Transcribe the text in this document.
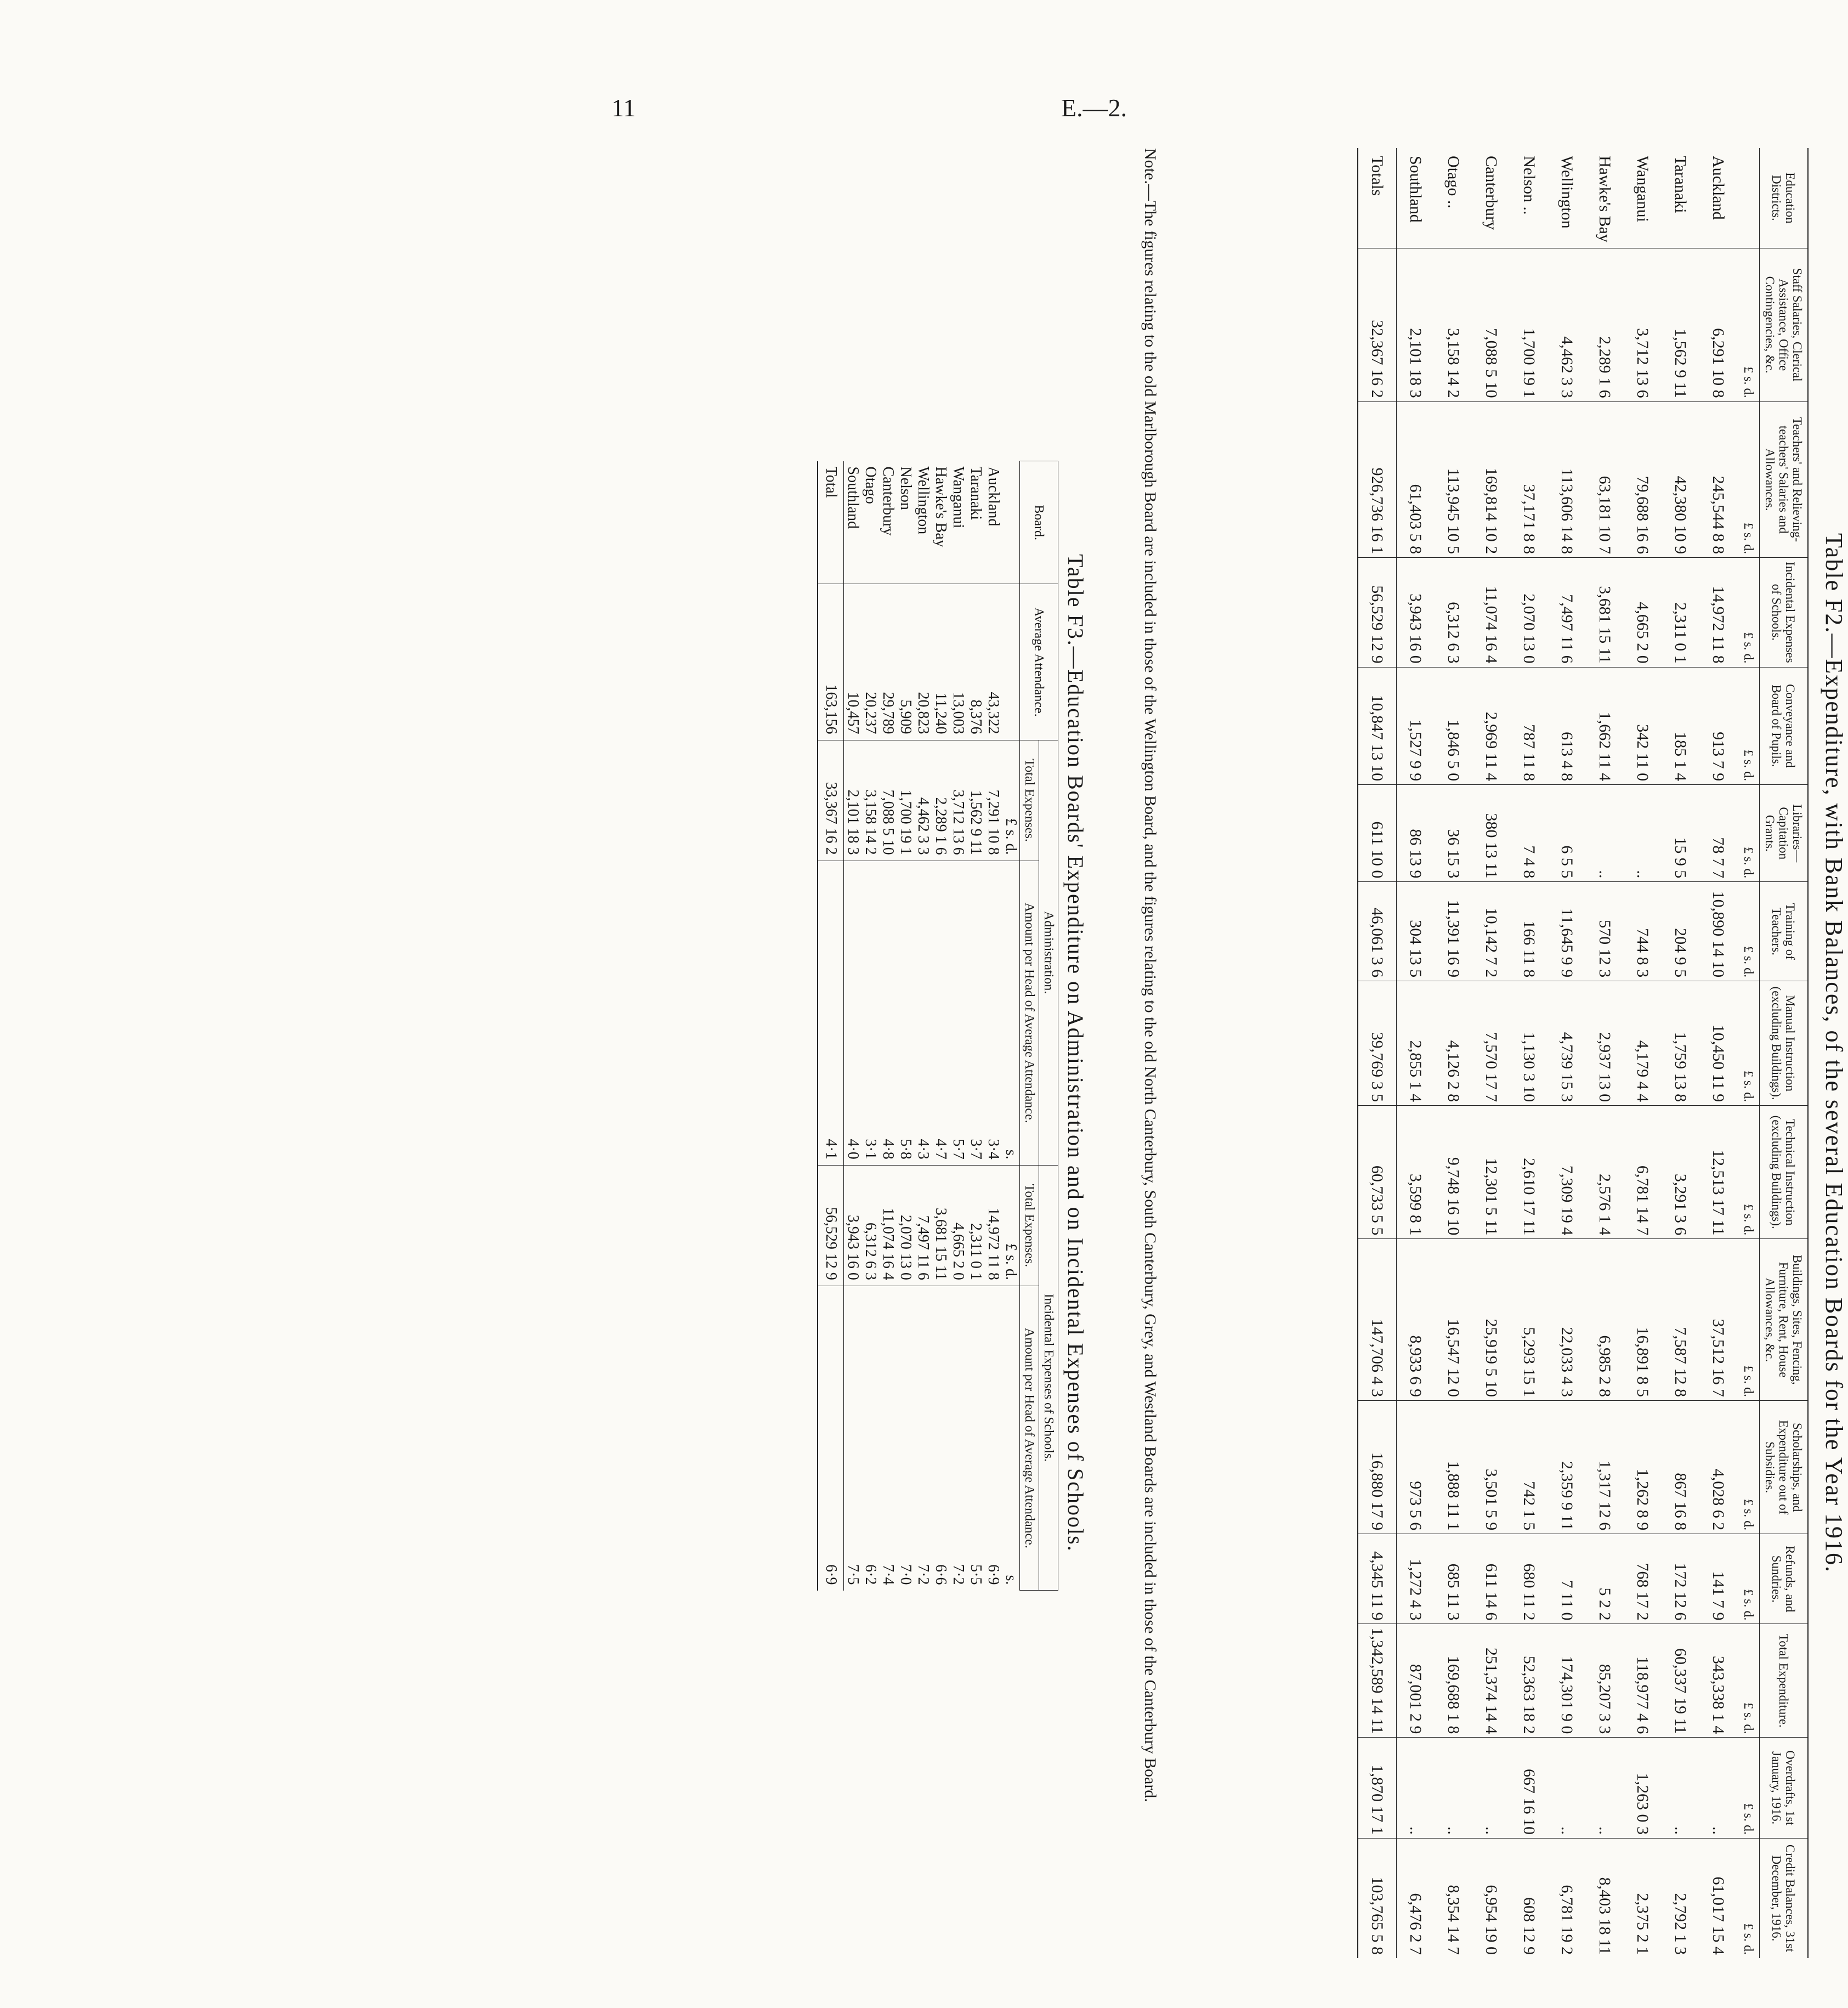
11	E.—2.
Table F2.—Expenditure, with Bank Balances, of the several Education Boards for the Year 1916.
Education Districts.	Staff Salaries, Clerical Assistance, Office Contingencies, &c.	Teachers' and Relieving-teachers' Salaries and Allowances.	Incidental Expenses of Schools.	Conveyance and Board of Pupils.	Libraries—Capitation Grants.	Training of Teachers.	Manual Instruction (excluding Buildings).	Technical Instruction (excluding Buildings).	Buildings, Sites, Fencing, Furniture, Rent, House Allowances, &c.	Scholarships, and Expenditure out of Subsidies.	Refunds, and Sundries.	Total Expenditure.	Overdrafts, 1st January, 1916.	Credit Balances, 31st December, 1916.
	£ s. d.	£ s. d.	£ s. d.	£ s. d.	£ s. d.	£ s. d.	£ s. d.	£ s. d.	£ s. d.	£ s. d.	£ s. d.	£ s. d.	£ s. d.	£ s. d.
Auckland	6,291 10 8	245,544 8 8	14,972 11 8	913 7 9	78 7 7	10,890 14 10	10,450 11 9	12,513 17 11	37,512 16 7	4,028 6 2	141 7 9	343,338 1 4	..	61,017 15 4
Taranaki	1,562 9 11	42,380 10 9	2,311 0 1	185 1 4	15 9 5	204 9 5	1,759 13 8	3,291 3 6	7,587 12 8	867 16 8	172 12 6	60,337 19 11	..	2,792 1 3
Wanganui	3,712 13 6	79,688 16 6	4,665 2 0	342 11 0	..	744 8 3	4,179 4 4	6,781 14 7	16,891 8 5	1,262 8 9	768 17 2	118,977 4 6	1,263 0 3	2,375 2 1
Hawke's Bay	2,289 1 6	63,181 10 7	3,681 15 11	1,662 11 4	..	570 12 3	2,937 13 0	2,576 1 4	6,985 2 8	1,317 12 6	5 2 2	85,207 3 3	..	8,403 18 11
Wellington	4,462 3 3	113,606 14 8	7,497 11 6	613 4 8	6 5 5	11,645 9 9	4,739 15 3	7,309 19 4	22,033 4 3	2,359 9 11	7 11 0	174,301 9 0	..	6,781 19 2
Nelson ..	1,700 19 1	37,171 8 8	2,070 13 0	787 11 8	7 4 8	166 11 8	1,130 3 10	2,610 17 11	5,293 15 1	742 1 5	680 11 2	52,363 18 2	667 16 10	608 12 9
Canterbury	7,088 5 10	169,814 10 2	11,074 16 4	2,969 11 4	380 13 11	10,142 7 2	7,570 17 7	12,301 5 11	25,919 5 10	3,501 5 9	611 14 6	251,374 14 4	..	6,954 19 0
Otago ..	3,158 14 2	113,945 10 5	6,312 6 3	1,846 5 0	36 15 3	11,391 16 9	4,126 2 8	9,748 16 10	16,547 12 0	1,888 11 1	685 11 3	169,688 1 8	..	8,354 14 7
Southland	2,101 18 3	61,403 5 8	3,943 16 0	1,527 9 9	86 13 9	304 13 5	2,855 1 4	3,599 8 1	8,933 6 9	973 5 6	1,272 4 3	87,001 2 9	..	6,476 2 7
Totals	32,367 16 2	926,736 16 1	56,529 12 9	10,847 13 10	611 10 0	46,061 3 6	39,769 3 5	60,733 5 5	147,706 4 3	16,880 17 9	4,345 11 9	1,342,589 14 11	1,870 17 1	103,765 5 8
Note.—The figures relating to the old Marlborough Board are included in those of the Wellington Board, and the figures relating to the old North Canterbury, South Canterbury, Grey, and Westland Boards are included in those of the Canterbury Board.
Table F3.—Education Boards' Expenditure on Administration and on Incidental Expenses of Schools.
Board.	Average Attendance.	Administration.		Incidental Expenses of Schools.	
		Total Expenses.	Amount per Head of Average Attendance.	Total Expenses.	Amount per Head of Average Attendance.
		£ s. d.	s.	£ s. d.	s.
Auckland	43,322	7,291 10 8	3·4	14,972 11 8	6·9
Taranaki	8,376	1,562 9 11	3·7	2,311 0 1	5·5
Wanganui	13,003	3,712 13 6	5·7	4,665 2 0	7·2
Hawke's Bay	11,240	2,289 1 6	4·7	3,681 15 11	6·6
Wellington	20,823	4,462 3 3	4·3	7,497 11 6	7·2
Nelson	5,909	1,700 19 1	5·8	2,070 13 0	7·0
Canterbury	29,789	7,088 5 10	4·8	11,074 16 4	7·4
Otago	20,237	3,158 14 2	3·1	6,312 6 3	6·2
Southland	10,457	2,101 18 3	4·0	3,943 16 0	7·5
Total	163,156	33,367 16 2	4·1	56,529 12 9	6·9
